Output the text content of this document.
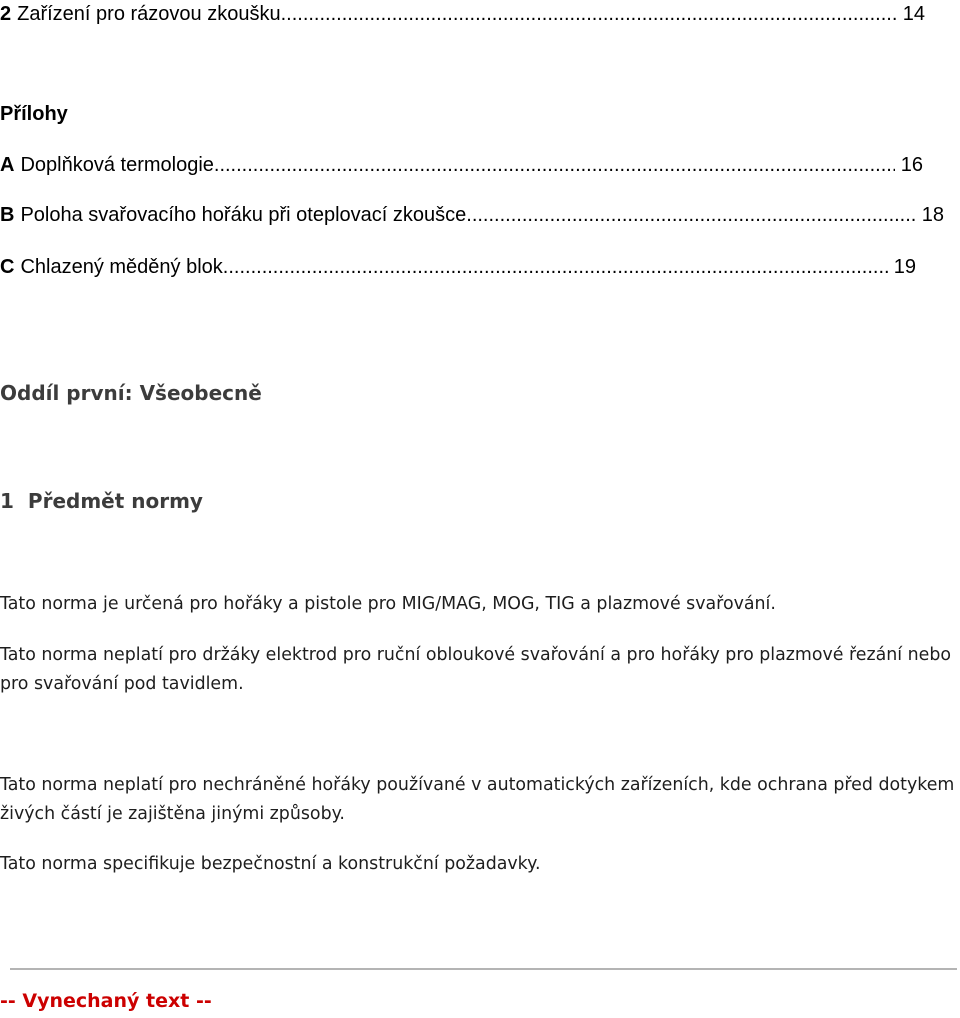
2 Zařízení pro rázovou zkoušku .....	14
Přílohy
A Doplňková termologie .....	16
B Poloha svařovacího hořáku při oteplovací zkoušce .....	18
C Chlazený měděný blok .....	19
Oddíl první: Všeobecně
1 Předmět normy

Tato norma je určená pro hořáky a pistole pro MIG/MAG, MOG, TIG a plazmové svařování.

Tato norma neplatí pro držáky elektrod pro ruční obloukové svařování a pro hořáky pro plazmové řezání nebo pro svařování pod tavidlem.

Tato norma neplatí pro nechráněné hořáky používané v automatických zařízeních, kde ochrana před dotykem živých částí je zajištěna jinými způsoby.

Tato norma specifikuje bezpečnostní a konstrukční požadavky.

-- Vynechaný text --
